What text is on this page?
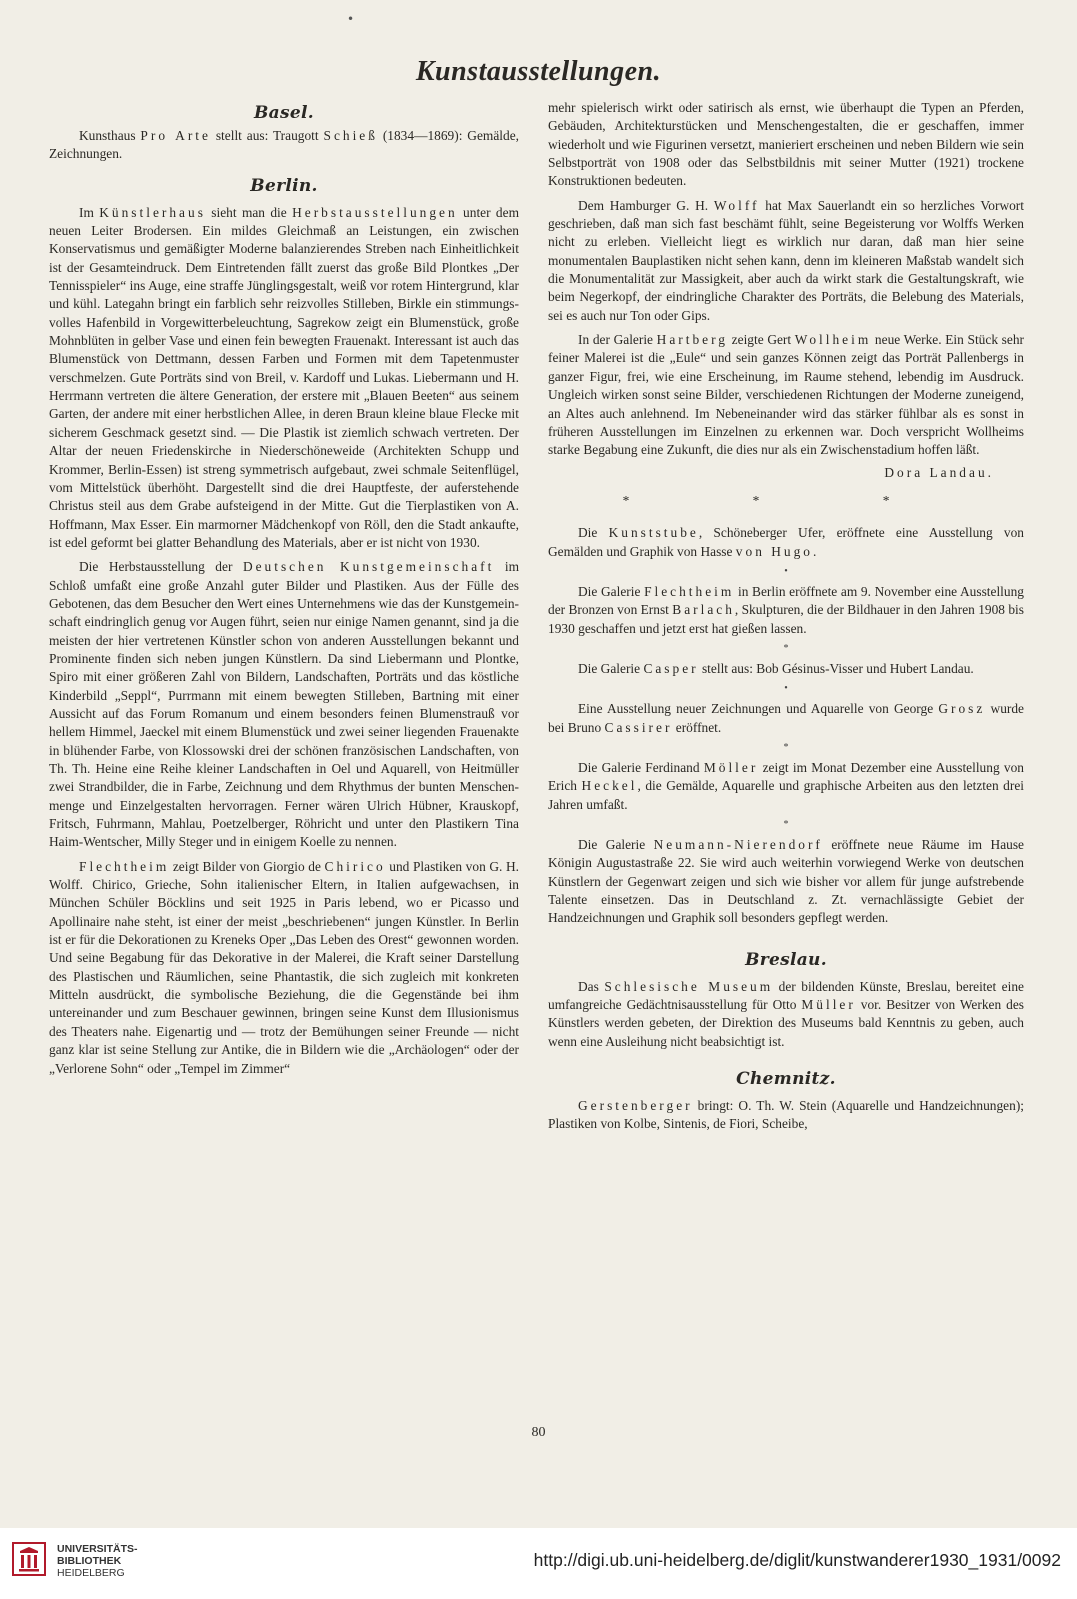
•
Kunstausstellungen.
Basel.

Kunsthaus Pro Arte stellt aus: Traugott Schieß (1834—1869): Gemälde, Zeichnungen.

Berlin.

Im Künstlerhaus sieht man die Herbstausstellungen unter dem neuen Leiter Brodersen. Ein mildes Gleichmaß an Leistungen, ein zwischen Konservatismus und gemäßigter Moderne balanzierendes Streben nach Einheitlichkeit ist der Gesamteindruck. Dem Eintretenden fällt zuerst das große Bild Plontkes „Der Tennisspieler“ ins Auge, eine straffe Jünglingsgestalt, weiß vor rotem Hintergrund, klar und kühl. Lategahn bringt ein farblich sehr reizvolles Stilleben, Birkle ein stimmungsvolles Hafenbild in Vorgewitterbeleuchtung, Sagrekow zeigt ein Blumenstück, große Mohnblüten in gelber Vase und einen fein bewegten Frauenakt. Interessant ist auch das Blumenstück von Dettmann, dessen Farben und Formen mit dem Tapetenmuster verschmelzen. Gute Porträts sind von Breil, v. Kardoff und Lukas. Liebermann und H. Herrmann vertreten die ältere Generation, der erstere mit „Blauen Beeten“ aus seinem Garten, der andere mit einer herbstlichen Allee, in deren Braun kleine blaue Flecke mit sicherem Geschmack gesetzt sind. — Die Plastik ist ziemlich schwach vertreten. Der Altar der neuen Friedenskirche in Niederschöneweide (Architekten Schupp und Krommer, Berlin-Essen) ist streng symmetrisch aufgebaut, zwei schmale Seitenflügel, vom Mittelstück überhöht. Dargestellt sind die drei Hauptfeste, der auferstehende Christus steil aus dem Grabe aufsteigend in der Mitte. Gut die Tierplastiken von A. Hoffmann, Max Esser. Ein marmorner Mädchenkopf von Röll, den die Stadt ankaufte, ist edel geformt bei glatter Behandlung des Materials, aber er ist nicht von 1930.

Die Herbstausstellung der Deutschen Kunstgemeinschaft im Schloß umfaßt eine große Anzahl guter Bilder und Plastiken. Aus der Fülle des Gebotenen, das dem Besucher den Wert eines Unternehmens wie das der Kunstgemeinschaft eindringlich genug vor Augen führt, seien nur einige Namen genannt, sind ja die meisten der hier vertretenen Künstler schon von anderen Ausstellungen bekannt und Prominente finden sich neben jungen Künstlern. Da sind Liebermann und Plontke, Spiro mit einer größeren Zahl von Bildern, Landschaften, Porträts und das köstliche Kinderbild „Seppl“, Purrmann mit einem bewegten Stilleben, Bartning mit einer Aussicht auf das Forum Romanum und einem besonders feinen Blumenstrauß vor hellem Himmel, Jaeckel mit einem Blumenstück und zwei seiner liegenden Frauenakte in blühender Farbe, von Klossowski drei der schönen französischen Landschaften, von Th. Th. Heine eine Reihe kleiner Landschaften in Oel und Aquarell, von Heitmüller zwei Strandbilder, die in Farbe, Zeichnung und dem Rhythmus der bunten Menschenmenge und Einzelgestalten hervorragen. Ferner wären Ulrich Hübner, Krauskopf, Fritsch, Fuhrmann, Mahlau, Poetzelberger, Röhricht und unter den Plastikern Tina Haim-Wentscher, Milly Steger und in einigem Koelle zu nennen.

Flechtheim zeigt Bilder von Giorgio de Chirico und Plastiken von G. H. Wolff. Chirico, Grieche, Sohn italienischer Eltern, in Italien aufgewachsen, in München Schüler Böcklins und seit 1925 in Paris lebend, wo er Picasso und Apollinaire nahe steht, ist einer der meist „beschriebenen“ jungen Künstler. In Berlin ist er für die Dekorationen zu Kreneks Oper „Das Leben des Orest“ gewonnen worden. Und seine Begabung für das Dekorative in der Malerei, die Kraft seiner Darstellung des Plastischen und Räumlichen, seine Phantastik, die sich zugleich mit konkreten Mitteln ausdrückt, die symbolische Beziehung, die die Gegenstände bei ihm untereinander und zum Beschauer gewinnen, bringen seine Kunst dem Illusionismus des Theaters nahe. Eigenartig und — trotz der Bemühungen seiner Freunde — nicht ganz klar ist seine Stellung zur Antike, die in Bildern wie die „Archäologen“ oder der „Verlorene Sohn“ oder „Tempel im Zimmer“

mehr spielerisch wirkt oder satirisch als ernst, wie überhaupt die Typen an Pferden, Gebäuden, Architekturstücken und Menschengestalten, die er geschaffen, immer wiederholt und wie Figurinen versetzt, manieriert erscheinen und neben Bildern wie sein Selbstporträt von 1908 oder das Selbstbildnis mit seiner Mutter (1921) trockene Konstruktionen bedeuten.

Dem Hamburger G. H. Wolff hat Max Sauerlandt ein so herzliches Vorwort geschrieben, daß man sich fast beschämt fühlt, seine Begeisterung vor Wolffs Werken nicht zu erleben. Vielleicht liegt es wirklich nur daran, daß man hier seine monumentalen Bauplastiken nicht sehen kann, denn im kleineren Maßstab wandelt sich die Monumentalität zur Massigkeit, aber auch da wirkt stark die Gestaltungskraft, wie beim Negerkopf, der eindringliche Charakter des Porträts, die Belebung des Materials, sei es auch nur Ton oder Gips.

In der Galerie Hartberg zeigte Gert Wollheim neue Werke. Ein Stück sehr feiner Malerei ist die „Eule“ und sein ganzes Können zeigt das Porträt Pallenbergs in ganzer Figur, frei, wie eine Erscheinung, im Raume stehend, lebendig im Ausdruck. Ungleich wirken sonst seine Bilder, verschiedenen Richtungen der Moderne zuneigend, an Altes auch anlehnend. Im Nebeneinander wird das stärker fühlbar als es sonst in früheren Ausstellungen im Einzelnen zu erkennen war. Doch verspricht Wollheims starke Begabung eine Zukunft, die dies nur als ein Zwischenstadium hoffen läßt.

Dora Landau.
* * *

Die Kunststube, Schöneberger Ufer, eröffnete eine Ausstellung von Gemälden und Graphik von Hasse von Hugo.

•

Die Galerie Flechtheim in Berlin eröffnete am 9. November eine Ausstellung der Bronzen von Ernst Barlach, Skulpturen, die der Bildhauer in den Jahren 1908 bis 1930 geschaffen und jetzt erst hat gießen lassen.

*

Die Galerie Casper stellt aus: Bob Gésinus-Visser und Hubert Landau.

•

Eine Ausstellung neuer Zeichnungen und Aquarelle von George Grosz wurde bei Bruno Cassirer eröffnet.

*

Die Galerie Ferdinand Möller zeigt im Monat Dezember eine Ausstellung von Erich Heckel, die Gemälde, Aquarelle und graphische Arbeiten aus den letzten drei Jahren umfaßt.

*

Die Galerie Neumann-Nierendorf eröffnete neue Räume im Hause Königin Augustastraße 22. Sie wird auch weiterhin vorwiegend Werke von deutschen Künstlern der Gegenwart zeigen und sich wie bisher vor allem für junge aufstrebende Talente einsetzen. Das in Deutschland z. Zt. vernachlässigte Gebiet der Handzeichnungen und Graphik soll besonders gepflegt werden.

Breslau.

Das Schlesische Museum der bildenden Künste, Breslau, bereitet eine umfangreiche Gedächtnisausstellung für Otto Müller vor. Besitzer von Werken des Künstlers werden gebeten, der Direktion des Museums bald Kenntnis zu geben, auch wenn eine Ausleihung nicht beabsichtigt ist.

Chemnitz.

Gerstenberger bringt: O. Th. W. Stein (Aquarelle und Handzeichnungen); Plastiken von Kolbe, Sintenis, de Fiori, Scheibe,

80
UNIVERSITÄTS-
BIBLIOTHEK
HEIDELBERG
http://digi.ub.uni-heidelberg.de/diglit/kunstwanderer1930_1931/0092
